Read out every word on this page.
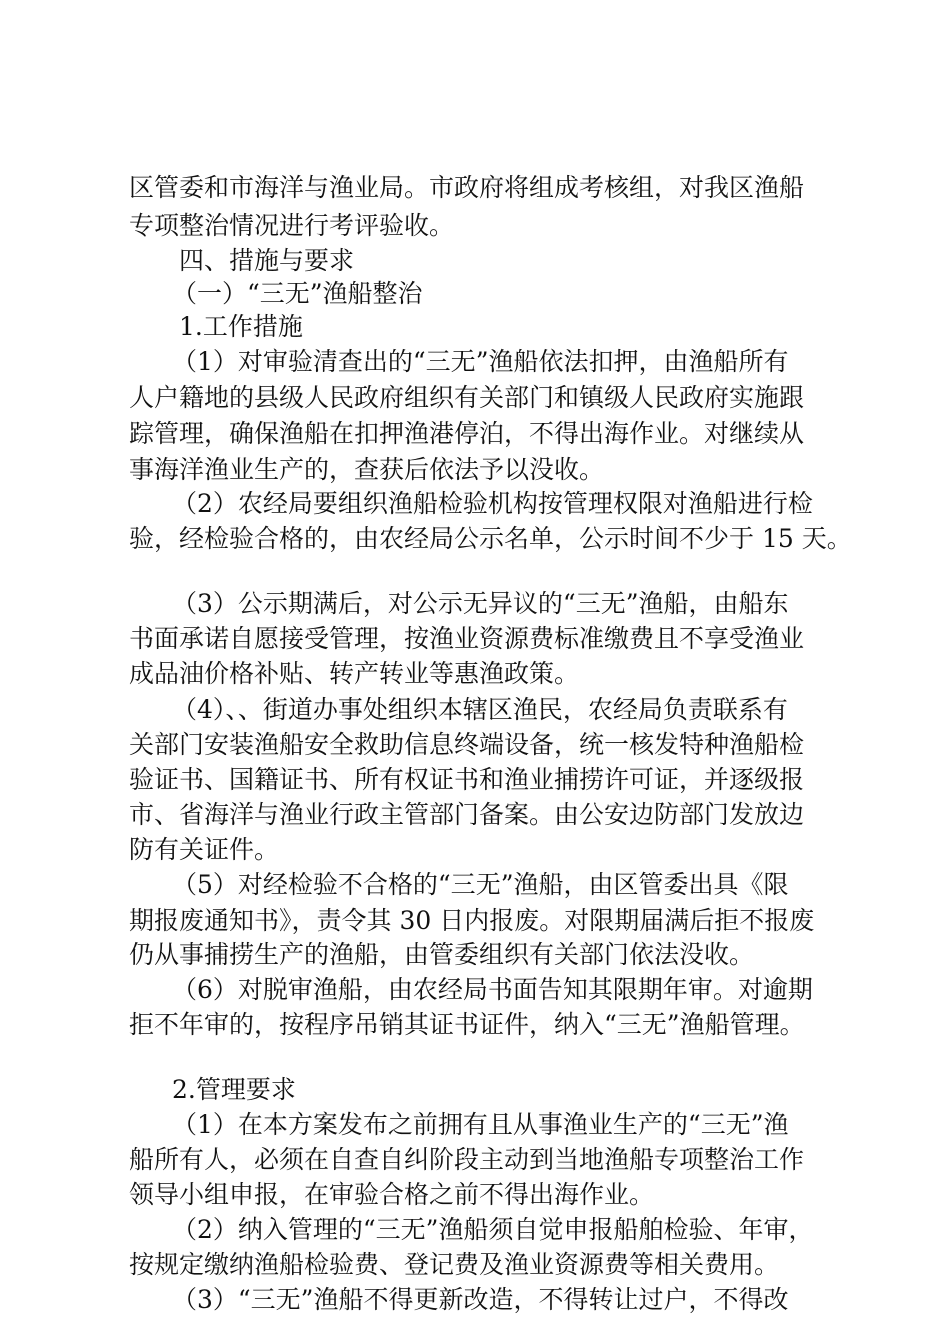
区管委和市海洋与渔业局。市政府将组成考核组，对我区渔船
专项整治情况进行考评验收。
四、措施与要求
（一）“三无”渔船整治
1.工作措施
（1）对审验清查出的“三无”渔船依法扣押，由渔船所有
人户籍地的县级人民政府组织有关部门和镇级人民政府实施跟
踪管理，确保渔船在扣押渔港停泊，不得出海作业。对继续从
事海洋渔业生产的，查获后依法予以没收。
（2）农经局要组织渔船检验机构按管理权限对渔船进行检
验，经检验合格的，由农经局公示名单，公示时间不少于 15 天。
（3）公示期满后，对公示无异议的“三无”渔船，由船东
书面承诺自愿接受管理，按渔业资源费标准缴费且不享受渔业
成品油价格补贴、转产转业等惠渔政策。
（4）、、街道办事处组织本辖区渔民，农经局负责联系有
关部门安装渔船安全救助信息终端设备，统一核发特种渔船检
验证书、国籍证书、所有权证书和渔业捕捞许可证，并逐级报
市、省海洋与渔业行政主管部门备案。由公安边防部门发放边
防有关证件。
（5）对经检验不合格的“三无”渔船，由区管委出具《限
期报废通知书》，责令其 30 日内报废。对限期届满后拒不报废
仍从事捕捞生产的渔船，由管委组织有关部门依法没收。
（6）对脱审渔船，由农经局书面告知其限期年审。对逾期
拒不年审的，按程序吊销其证书证件，纳入“三无”渔船管理。
2.管理要求
（1）在本方案发布之前拥有且从事渔业生产的“三无”渔
船所有人，必须在自查自纠阶段主动到当地渔船专项整治工作
领导小组申报，在审验合格之前不得出海作业。
（2）纳入管理的“三无”渔船须自觉申报船舶检验、年审，
按规定缴纳渔船检验费、登记费及渔业资源费等相关费用。
（3）“三无”渔船不得更新改造，不得转让过户，不得改
